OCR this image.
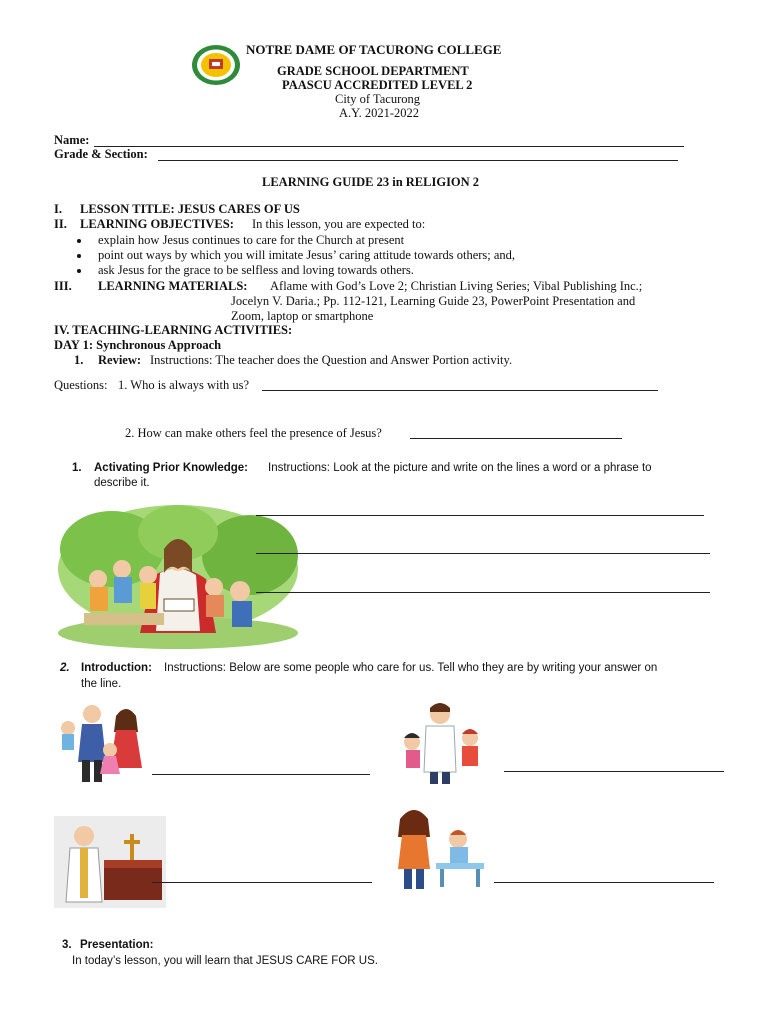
NOTRE DAME OF TACURONG COLLEGE
GRADE SCHOOL DEPARTMENT
PAASCU ACCREDITED LEVEL 2
City of Tacurong
A.Y. 2021-2022
Name:
Grade & Section:
LEARNING GUIDE 23 in RELIGION 2
I. LESSON TITLE: JESUS CARES OF US
II. LEARNING OBJECTIVES: In this lesson, you are expected to:
explain how Jesus continues to care for the Church at present
point out ways by which you will imitate Jesus’ caring attitude towards others; and,
ask Jesus for the grace to be selfless and loving towards others.
III. LEARNING MATERIALS: Aflame with God’s Love 2; Christian Living Series; Vibal Publishing Inc.;
Jocelyn V. Daria.; Pp. 112-121, Learning Guide 23, PowerPoint Presentation and
Zoom, laptop or smartphone
IV. TEACHING-LEARNING ACTIVITIES:
DAY 1: Synchronous Approach
1. Review: Instructions: The teacher does the Question and Answer Portion activity.
Questions: 1. Who is always with us?
2. How can make others feel the presence of Jesus?
1. Activating Prior Knowledge: Instructions: Look at the picture and write on the lines a word or a phrase to
describe it.
2. Introduction: Instructions: Below are some people who care for us. Tell who they are by writing your answer on
the line.
3. Presentation:
In today’s lesson, you will learn that JESUS CARE FOR US.
